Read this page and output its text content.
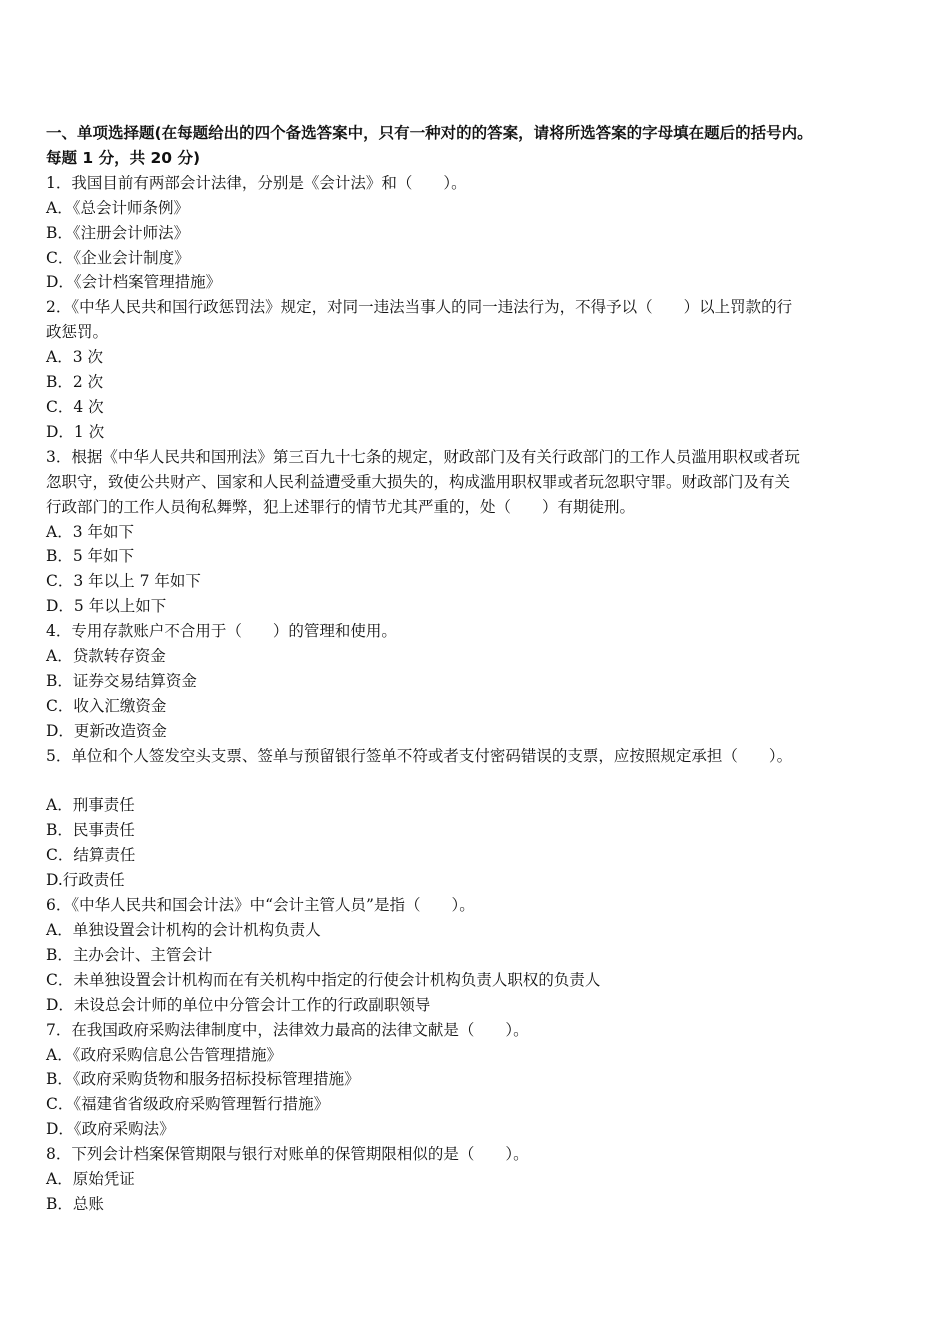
一、单项选择题(在每题给出的四个备选答案中，只有一种对的的答案，请将所选答案的字母填在题后的括号内。

每题 1 分，共 20 分)

1．我国目前有两部会计法律，分别是《会计法》和（　　）。

A．《总会计师条例》

B．《注册会计师法》

C．《企业会计制度》

D．《会计档案管理措施》

2．《中华人民共和国行政惩罚法》规定，对同一违法当事人的同一违法行为，不得予以（　　）以上罚款的行

政惩罚。

A．3 次

B．2 次

C．4 次

D．1 次

3．根据《中华人民共和国刑法》第三百九十七条的规定，财政部门及有关行政部门的工作人员滥用职权或者玩

忽职守，致使公共财产、国家和人民利益遭受重大损失的，构成滥用职权罪或者玩忽职守罪。财政部门及有关

行政部门的工作人员徇私舞弊，犯上述罪行的情节尤其严重的，处（　　）有期徒刑。

A．3 年如下

B．5 年如下

C．3 年以上 7 年如下

D．5 年以上如下

4．专用存款账户不合用于（　　）的管理和使用。

A．贷款转存资金

B．证券交易结算资金

C．收入汇缴资金

D．更新改造资金

5．单位和个人签发空头支票、签单与预留银行签单不符或者支付密码错误的支票，应按照规定承担（　　）。

A．刑事责任

B．民事责任

C．结算责任

D.行政责任

6．《中华人民共和国会计法》中“会计主管人员”是指（　　）。

A．单独设置会计机构的会计机构负责人

B．主办会计、主管会计

C．未单独设置会计机构而在有关机构中指定的行使会计机构负责人职权的负责人

D．未设总会计师的单位中分管会计工作的行政副职领导

7．在我国政府采购法律制度中，法律效力最高的法律文献是（　　）。

A．《政府采购信息公告管理措施》

B．《政府采购货物和服务招标投标管理措施》

C．《福建省省级政府采购管理暂行措施》

D．《政府采购法》

8．下列会计档案保管期限与银行对账单的保管期限相似的是（　　）。

A．原始凭证

B．总账
